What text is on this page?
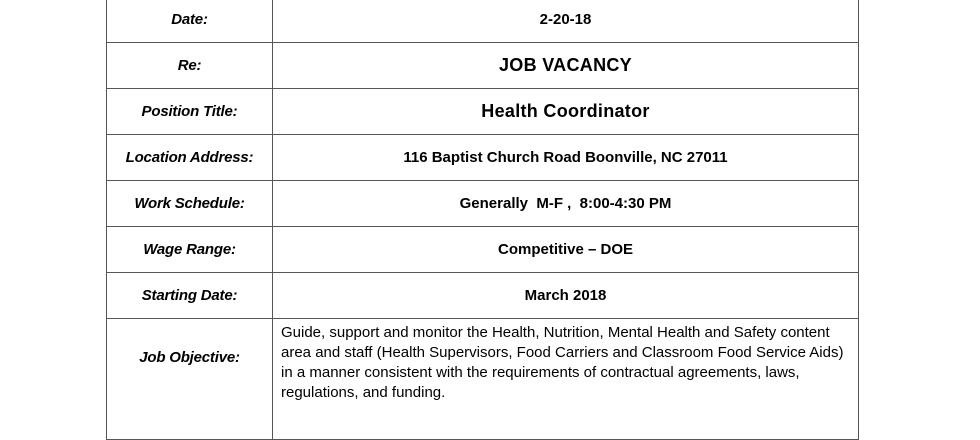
Date:	2-20-18
Re:	JOB VACANCY
Position Title:	Health Coordinator
Location Address:	116 Baptist Church Road Boonville, NC 27011
Work Schedule:	Generally  M-F ,  8:00-4:30 PM
Wage Range:	Competitive – DOE
Starting Date:	March 2018
Job Objective:	Guide, support and monitor the Health, Nutrition, Mental Health and Safety content area and staff (Health Supervisors, Food Carriers and Classroom Food Service Aids) in a manner consistent with the requirements of contractual agreements, laws, regulations, and funding.
